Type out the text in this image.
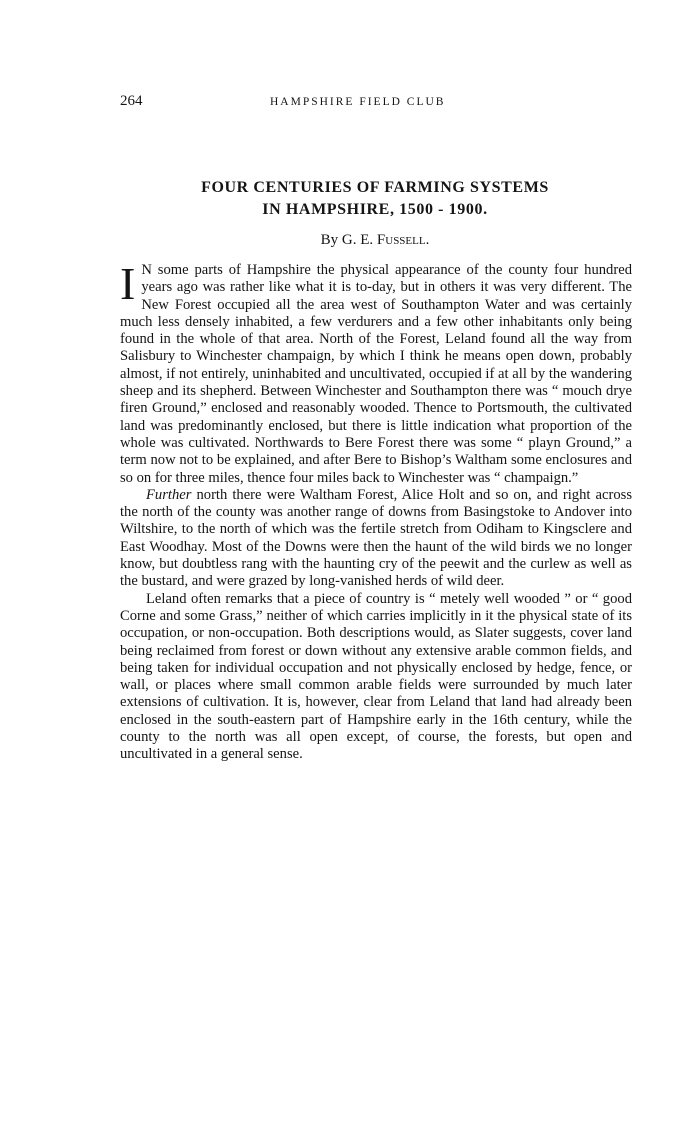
264	HAMPSHIRE FIELD CLUB
FOUR CENTURIES OF FARMING SYSTEMS
IN HAMPSHIRE, 1500 - 1900.
By G. E. Fussell.

I N some parts of Hampshire the physical appearance of the county four hundred years ago was rather like what it is to-day, but in others it was very different. The New Forest occupied all the area west of Southampton Water and was certainly much less densely inhabited, a few verdurers and a few other inhabitants only being found in the whole of that area. North of the Forest, Leland found all the way from Salisbury to Winchester champaign, by which I think he means open down, probably almost, if not entirely, uninhabited and uncultivated, occupied if at all by the wandering sheep and its shepherd. Between Winchester and Southampton there was “ mouch drye firen Ground,” enclosed and reasonably wooded. Thence to Portsmouth, the cultivated land was predominantly enclosed, but there is little indication what proportion of the whole was cultivated. Northwards to Bere Forest there was some “ playn Ground,” a term now not to be explained, and after Bere to Bishop’s Waltham some enclosures and so on for three miles, thence four miles back to Winchester was “ champaign.”

Further north there were Waltham Forest, Alice Holt and so on, and right across the north of the county was another range of downs from Basingstoke to Andover into Wiltshire, to the north of which was the fertile stretch from Odiham to Kingsclere and East Woodhay. Most of the Downs were then the haunt of the wild birds we no longer know, but doubtless rang with the haunting cry of the peewit and the curlew as well as the bustard, and were grazed by long-vanished herds of wild deer.

Leland often remarks that a piece of country is “ metely well wooded ” or “ good Corne and some Grass,” neither of which carries implicitly in it the physical state of its occupation, or non-occupation. Both descriptions would, as Slater suggests, cover land being reclaimed from forest or down without any extensive arable common fields, and being taken for individual occupation and not physically enclosed by hedge, fence, or wall, or places where small common arable fields were surrounded by much later extensions of cultivation. It is, however, clear from Leland that land had already been enclosed in the south-eastern part of Hampshire early in the 16th century, while the county to the north was all open except, of course, the forests, but open and uncultivated in a general sense.
